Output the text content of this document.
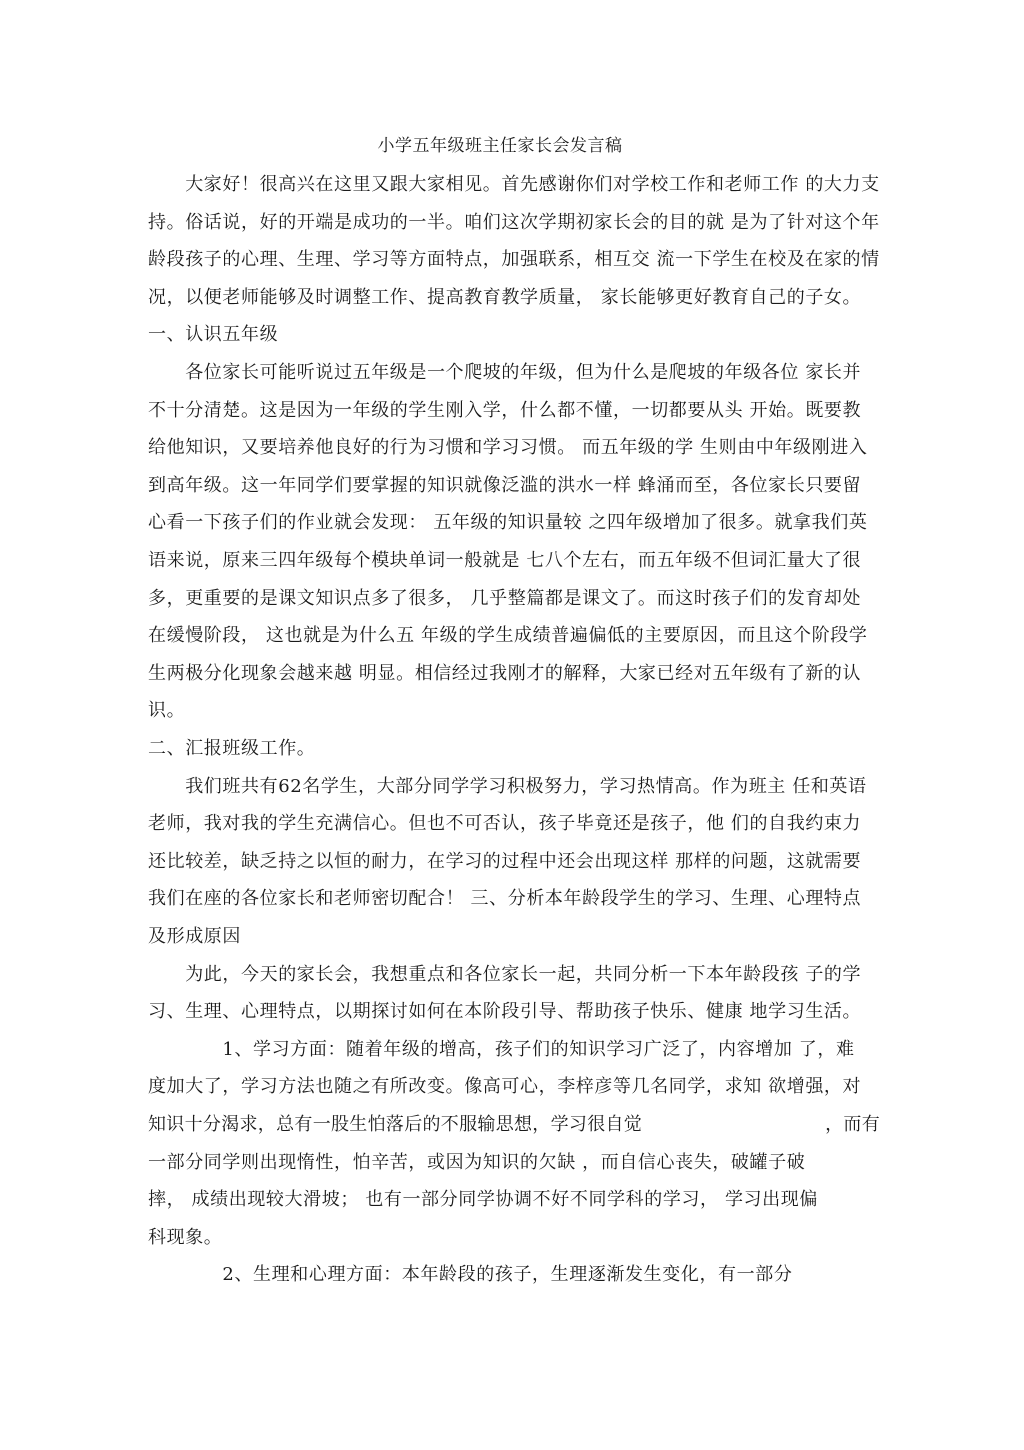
小学五年级班主任家长会发言稿
　　大家好！很高兴在这里又跟大家相见。首先感谢你们对学校工作和老师工作 的大力支
持。俗话说，好的开端是成功的一半。咱们这次学期初家长会的目的就 是为了针对这个年
龄段孩子的心理、生理、学习等方面特点，加强联系，相互交 流一下学生在校及在家的情
况，以便老师能够及时调整工作、提高教育教学质量， 家长能够更好教育自己的子女。
一、认识五年级
　　各位家长可能听说过五年级是一个爬坡的年级，但为什么是爬坡的年级各位 家长并
不十分清楚。这是因为一年级的学生刚入学，什么都不懂，一切都要从头 开始。既要教
给他知识，又要培养他良好的行为习惯和学习习惯。 而五年级的学 生则由中年级刚进入
到高年级。这一年同学们要掌握的知识就像泛滥的洪水一样 蜂涌而至，各位家长只要留
心看一下孩子们的作业就会发现： 五年级的知识量较 之四年级增加了很多。就拿我们英
语来说，原来三四年级每个模块单词一般就是 七八个左右，而五年级不但词汇量大了很
多，更重要的是课文知识点多了很多， 几乎整篇都是课文了。而这时孩子们的发育却处
在缓慢阶段， 这也就是为什么五 年级的学生成绩普遍偏低的主要原因，而且这个阶段学
生两极分化现象会越来越 明显。相信经过我刚才的解释，大家已经对五年级有了新的认
识。
二、汇报班级工作。
　　我们班共有62名学生，大部分同学学习积极努力，学习热情高。作为班主 任和英语
老师，我对我的学生充满信心。但也不可否认，孩子毕竟还是孩子，他 们的自我约束力
还比较差，缺乏持之以恒的耐力，在学习的过程中还会出现这样 那样的问题，这就需要
我们在座的各位家长和老师密切配合！ 三、分析本年龄段学生的学习、生理、心理特点
及形成原因
　　为此，今天的家长会，我想重点和各位家长一起，共同分析一下本年龄段孩 子的学
习、生理、心理特点，以期探讨如何在本阶段引导、帮助孩子快乐、健康 地学习生活。
　　　　1、学习方面：随着年级的增高，孩子们的知识学习广泛了，内容增加 了，难
度加大了，学习方法也随之有所改变。像高可心，李梓彦等几名同学，求知 欲增强，对
知识十分渴求，总有一股生怕落后的不服输思想，学习很自觉　　　　　　　　　　，而有
一部分同学则出现惰性，怕辛苦，或因为知识的欠缺 ，而自信心丧失，破罐子破
摔， 成绩出现较大滑坡； 也有一部分同学协调不好不同学科的学习， 学习出现偏
科现象。
　　　　2、生理和心理方面：本年龄段的孩子，生理逐渐发生变化，有一部分
